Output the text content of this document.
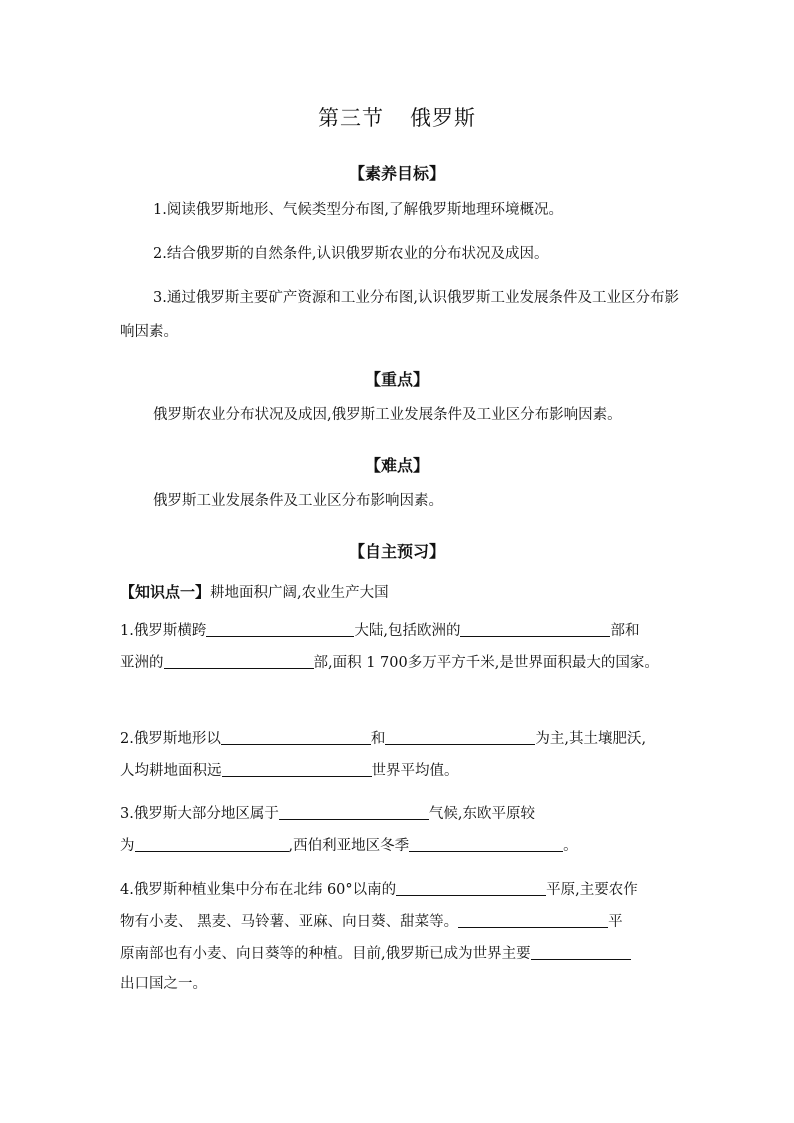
第三节 俄罗斯
【素养目标】
1.阅读俄罗斯地形、气候类型分布图,了解俄罗斯地理环境概况。
2.结合俄罗斯的自然条件,认识俄罗斯农业的分布状况及成因。
3.通过俄罗斯主要矿产资源和工业分布图,认识俄罗斯工业发展条件及工业区分布影响因素。
【重点】
俄罗斯农业分布状况及成因,俄罗斯工业发展条件及工业区分布影响因素。
【难点】
俄罗斯工业发展条件及工业区分布影响因素。
【自主预习】
【知识点一】耕地面积广阔,农业生产大国
1.俄罗斯横跨	大陆,包括欧洲的	部和
亚洲的	部,面积 1 700多万平方千米,是世界面积最大的国家。
2.俄罗斯地形以	和	为主,其土壤肥沃,
人均耕地面积远	世界平均值。
3.俄罗斯大部分地区属于	气候,东欧平原较
为	,西伯利亚地区冬季	。
4.俄罗斯种植业集中分布在北纬 60°以南的	平原,主要农作
物有小麦、 黑麦、马铃薯、亚麻、向日葵、甜菜等。	平
原南部也有小麦、向日葵等的种植。目前,俄罗斯已成为世界主要
出口国之一。
